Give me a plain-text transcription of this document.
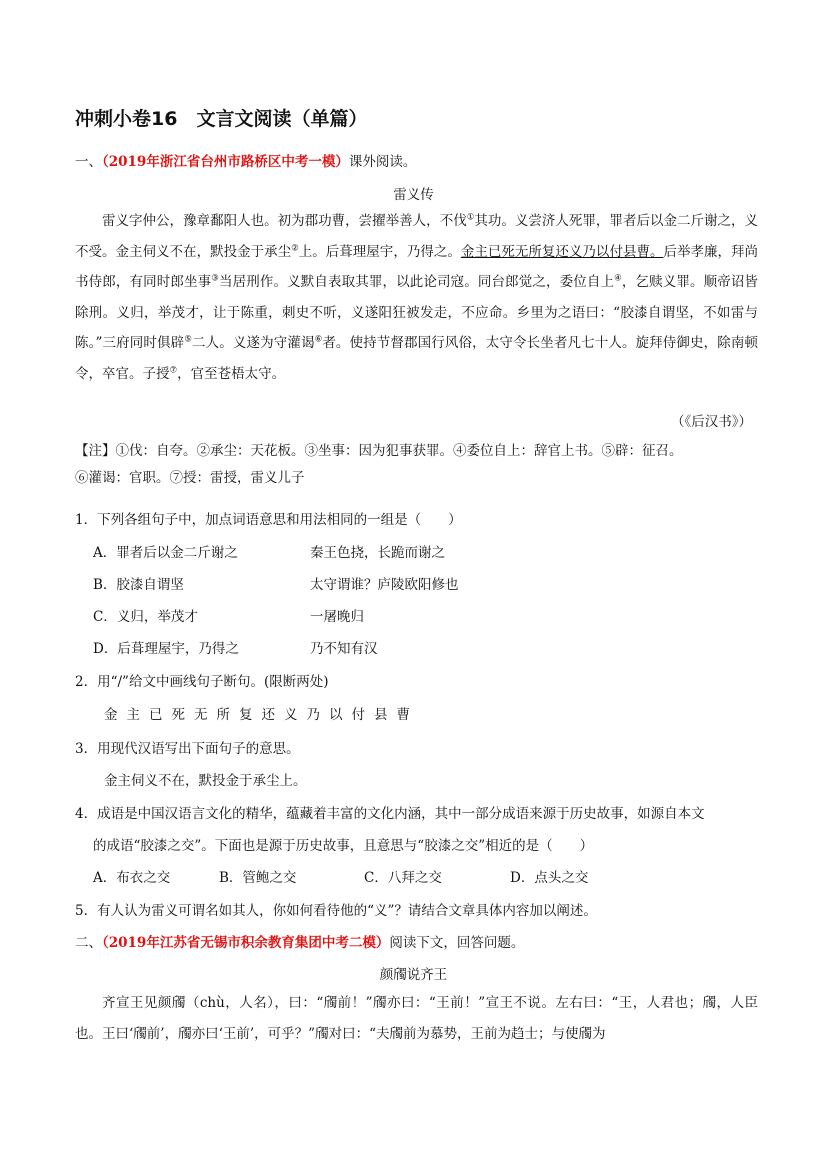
冲刺小卷16　文言文阅读（单篇）
一、（2019年浙江省台州市路桥区中考一模）课外阅读。
雷义传
雷义字仲公，豫章鄱阳人也。初为郡功曹，尝擢举善人，不伐①其功。义尝济人死罪，罪者后以金二斤谢之，义不受。金主伺义不在，默投金于承尘②上。后葺理屋宇，乃得之。金主已死无所复还义乃以付县曹。后举孝廉，拜尚书侍郎，有同时郎坐事③当居刑作。义默自表取其罪，以此论司寇。同台郎觉之，委位自上④，乞赎义罪。顺帝诏皆除刑。义归，举茂才，让于陈重，刺史不听，义遂阳狂被发走，不应命。乡里为之语曰：“胶漆自谓坚，不如雷与陈。”三府同时俱辟⑤二人。义遂为守灌谒⑥者。使持节督郡国行风俗，太守令长坐者凡七十人。旋拜侍御史，除南顿令，卒官。子授⑦，官至苍梧太守。
（《后汉书》）
【注】①伐：自夸。②承尘：天花板。③坐事：因为犯事获罪。④委位自上：辞官上书。⑤辟：征召。
⑥灌谒：官职。⑦授：雷授，雷义儿子
1．下列各组句子中，加点词语意思和用法相同的一组是（　　）
A．罪者后以金二斤谢之	秦王色挠，长跪而谢之
B．胶漆自谓坚	太守谓谁？庐陵欧阳修也
C．义归，举茂才	一屠晚归
D．后葺理屋宇，乃得之	乃不知有汉
2．用“/”给文中画线句子断句。(限断两处)
金主已死无所复还义乃以付县曹
3．用现代汉语写出下面句子的意思。
金主伺义不在，默投金于承尘上。
4．成语是中国汉语言文化的精华，蕴藏着丰富的文化内涵，其中一部分成语来源于历史故事，如源自本文
的成语“胶漆之交”。下面也是源于历史故事，且意思与“胶漆之交”相近的是（　　）
A．布衣之交	B．管鲍之交	C．八拜之交	D．点头之交
5．有人认为雷义可谓名如其人，你如何看待他的“义”？请结合文章具体内容加以阐述。
二、（2019年江苏省无锡市积余教育集团中考二模）阅读下文，回答问题。
颜斶说齐王
齐宣王见颜斶（chù，人名），曰：“斶前！”斶亦曰：“王前！”宣王不说。左右曰：“王，人君也；斶，人臣也。王曰‘斶前’，斶亦曰‘王前’，可乎？”斶对曰：“夫斶前为慕势，王前为趋士；与使斶为
